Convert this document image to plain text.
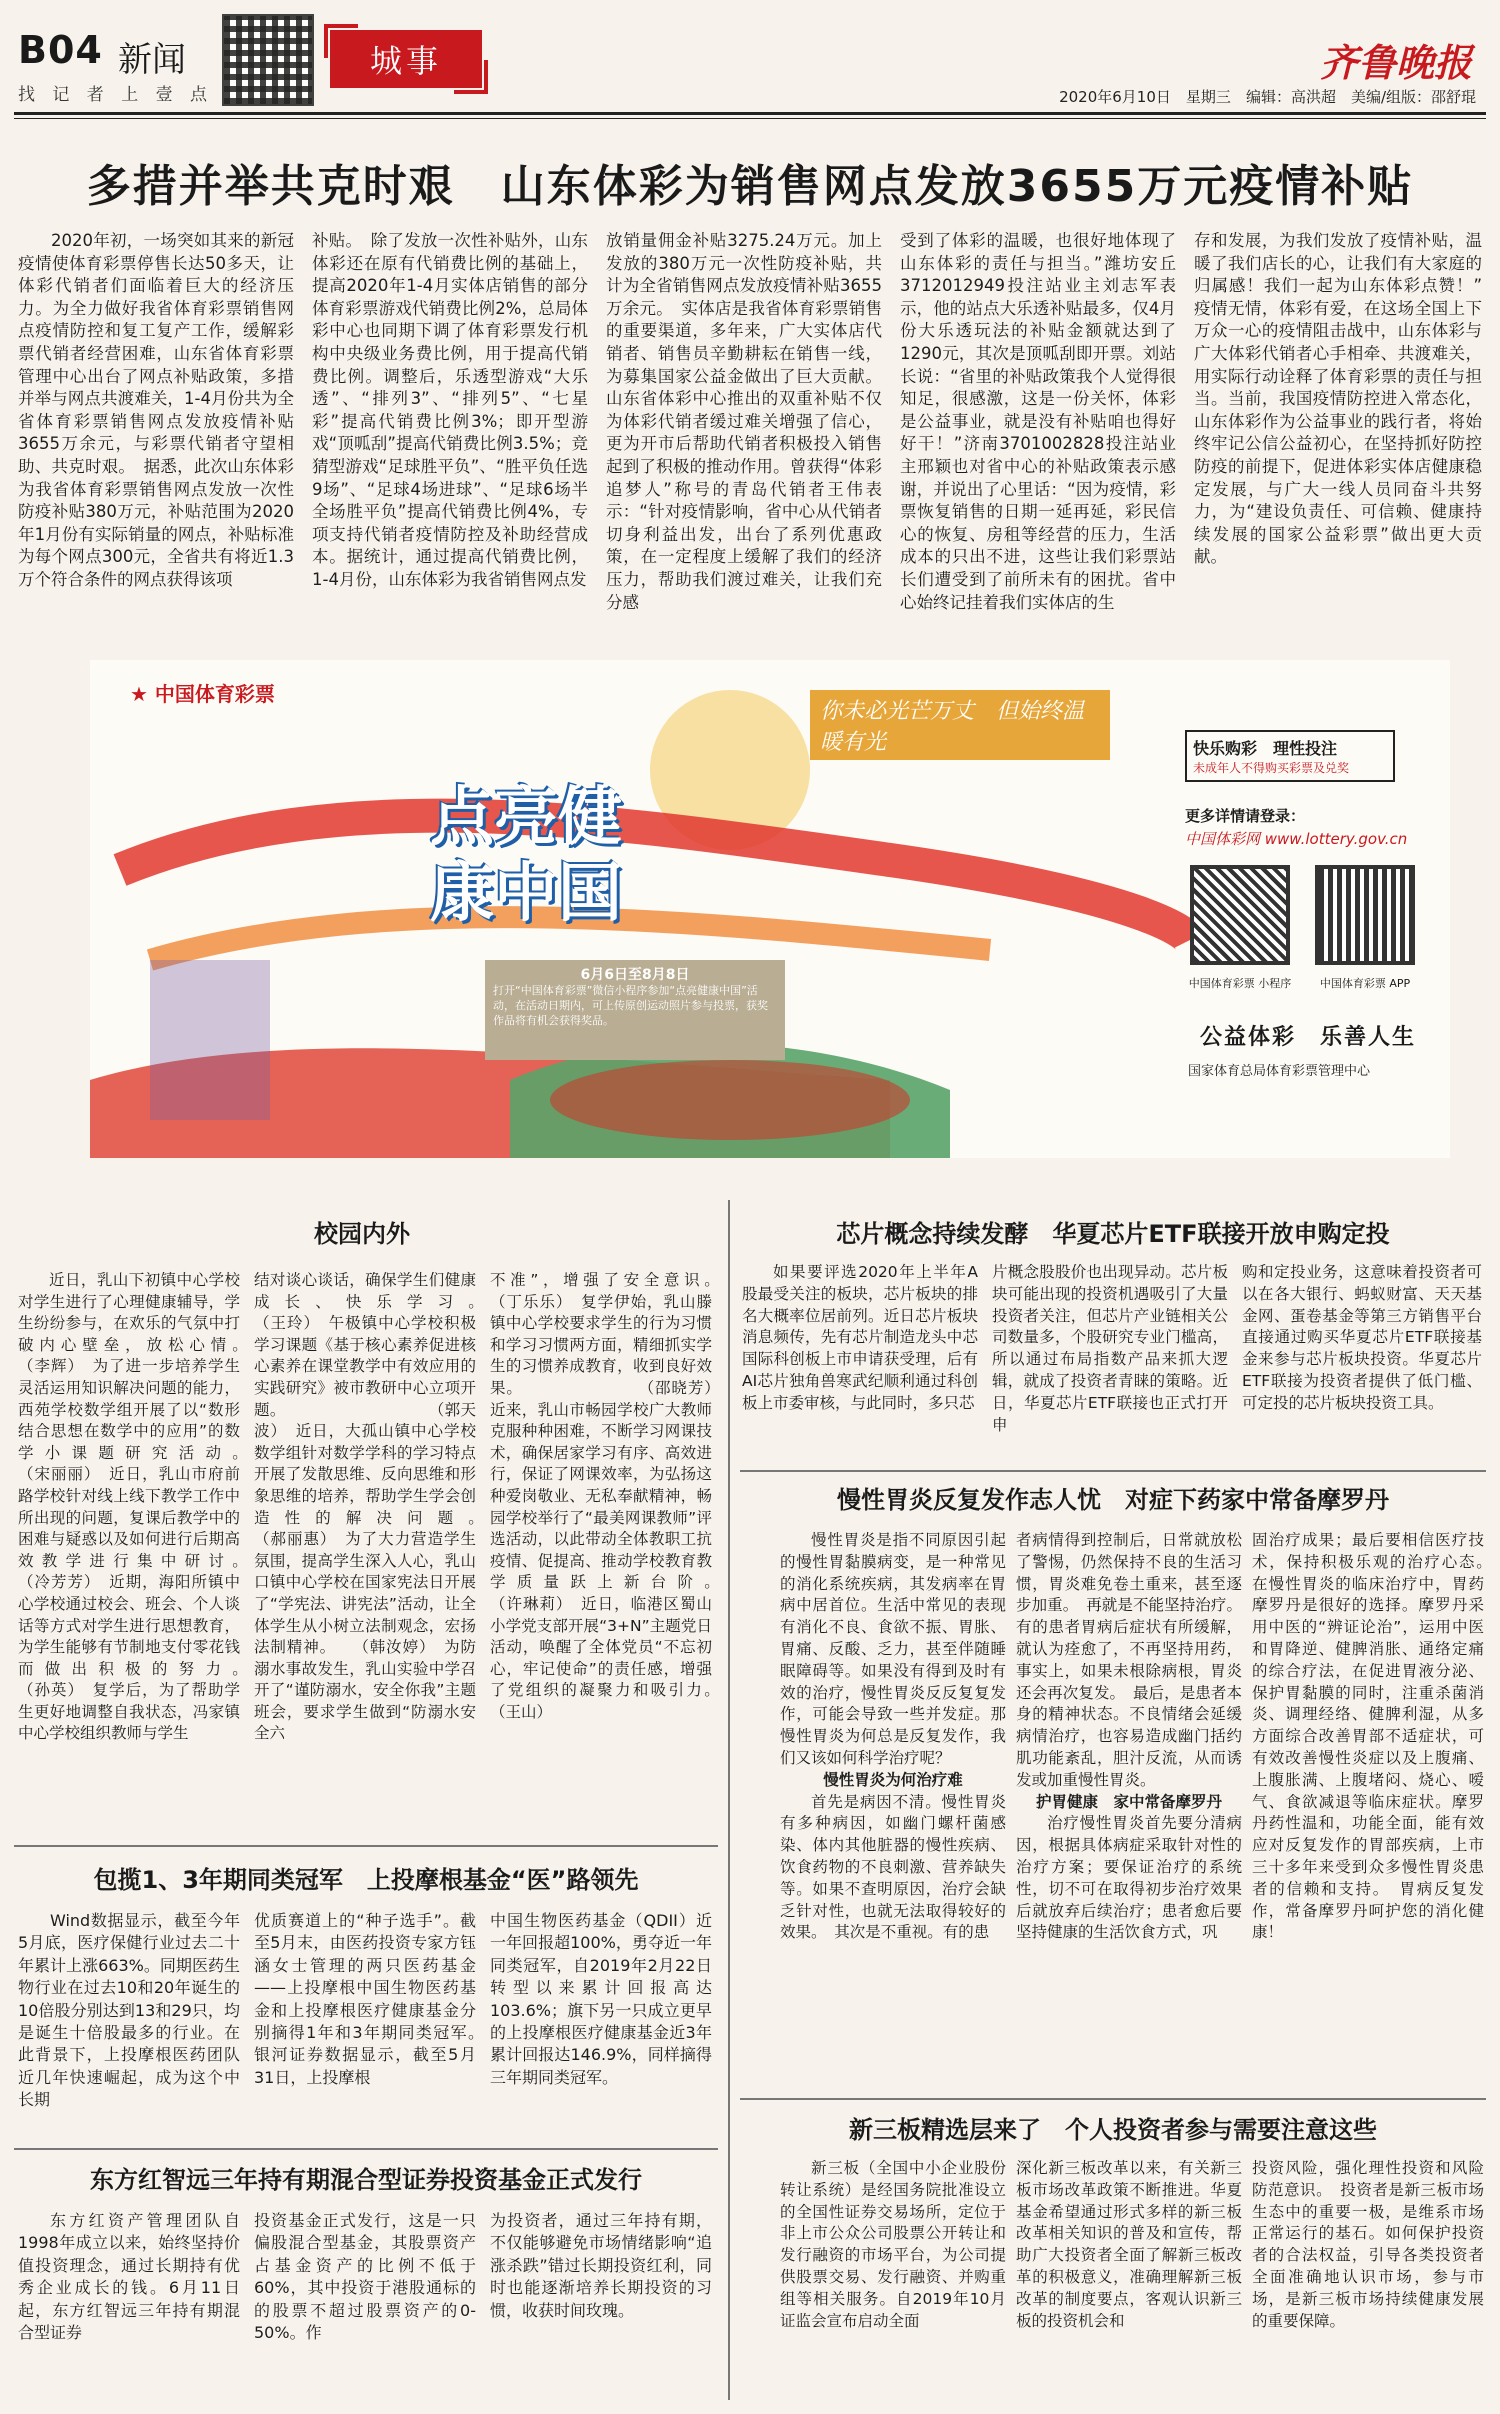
B04 新闻
找 记 者 上 壹 点
城事	齐鲁晚报
2020年6月10日　 星期三　 编辑：高洪超　美编/组版：邵舒琨
多措并举共克时艰　山东体彩为销售网点发放3655万元疫情补贴

2020年初，一场突如其来的新冠疫情使体育彩票停售长达50多天，让体彩代销者们面临着巨大的经济压力。为全力做好我省体育彩票销售网点疫情防控和复工复产工作，缓解彩票代销者经营困难，山东省体育彩票管理中心出台了网点补贴政策，多措并举与网点共渡难关，1-4月份共为全省体育彩票销售网点发放疫情补贴3655万余元，与彩票代销者守望相助、共克时艰。　据悉，此次山东体彩为我省体育彩票销售网点发放一次性防疫补贴380万元，补贴范围为2020年1月份有实际销量的网点，补贴标准为每个网点300元，全省共有将近1.3万个符合条件的网点获得该项

补贴。　除了发放一次性补贴外，山东体彩还在原有代销费比例的基础上，提高2020年1-4月实体店销售的部分体育彩票游戏代销费比例2%，总局体彩中心也同期下调了体育彩票发行机构中央级业务费比例，用于提高代销费比例。调整后，乐透型游戏“大乐透”、“排列3”、“排列5”、“七星彩”提高代销费比例3%；即开型游戏“顶呱刮”提高代销费比例3.5%；竞猜型游戏“足球胜平负”、“胜平负任选9场”、“足球4场进球”、“足球6场半全场胜平负”提高代销费比例4%，专项支持代销者疫情防控及补助经营成本。据统计，通过提高代销费比例，1-4月份，山东体彩为我省销售网点发

放销量佣金补贴3275.24万元。加上发放的380万元一次性防疫补贴，共计为全省销售网点发放疫情补贴3655万余元。　实体店是我省体育彩票销售的重要渠道，多年来，广大实体店代销者、销售员辛勤耕耘在销售一线，为募集国家公益金做出了巨大贡献。山东省体彩中心推出的双重补贴不仅为体彩代销者缓过难关增强了信心，更为开市后帮助代销者积极投入销售起到了积极的推动作用。曾获得“体彩追梦人”称号的青岛代销者王伟表示：“针对疫情影响，省中心从代销者切身利益出发，出台了系列优惠政策，在一定程度上缓解了我们的经济压力，帮助我们渡过难关，让我们充分感

受到了体彩的温暖，也很好地体现了山东体彩的责任与担当。”潍坊安丘3712012949投注站业主刘志军表示，他的站点大乐透补贴最多，仅4月份大乐透玩法的补贴金额就达到了1290元，其次是顶呱刮即开票。刘站长说：“省里的补贴政策我个人觉得很知足，很感激，这是一份关怀，体彩是公益事业，就是没有补贴咱也得好好干！”济南3701002828投注站业主邢颖也对省中心的补贴政策表示感谢，并说出了心里话：“因为疫情，彩票恢复销售的日期一延再延，彩民信心的恢复、房租等经营的压力，生活成本的只出不进，这些让我们彩票站长们遭受到了前所未有的困扰。省中心始终记挂着我们实体店的生

存和发展，为我们发放了疫情补贴，温暖了我们店长的心，让我们有大家庭的归属感！我们一起为山东体彩点赞！”　疫情无情，体彩有爱，在这场全国上下万众一心的疫情阻击战中，山东体彩与广大体彩代销者心手相牵、共渡难关，用实际行动诠释了体育彩票的责任与担当。当前，我国疫情防控进入常态化，山东体彩作为公益事业的践行者，将始终牢记公信公益初心，在坚持抓好防控防疫的前提下，促进体彩实体店健康稳定发展，与广大一线人员同奋斗共努力，为“建设负责任、可信赖、健康持续发展的国家公益彩票”做出更大贡献。

★ 中国体育彩票
你未必光芒万丈　但始终温暖有光
点亮健康中国
6月6日至8月8日
打开“中国体育彩票”微信小程序参加“点亮健康中国”活动，在活动日期内，可上传原创运动照片参与投票，获奖作品将有机会获得奖品。
快乐购彩　理性投注
未成年人不得购买彩票及兑奖
更多详情请登录：
中国体彩网 www.lottery.gov.cn
中国体育彩票 小程序	中国体育彩票 APP
公益体彩　乐善人生
国家体育总局体育彩票管理中心
校园内外

近日，乳山下初镇中心学校对学生进行了心理健康辅导，学生纷纷参与，在欢乐的气氛中打破内心壁垒，放松心情。　　　　　　　　　　（李辉）　为了进一步培养学生灵活运用知识解决问题的能力，西苑学校数学组开展了以“数形结合思想在数学中的应用”的数学小课题研究活动。　　　　　　　　　（宋丽丽）　近日，乳山市府前路学校针对线上线下教学工作中所出现的问题，复课后教学中的困难与疑惑以及如何进行后期高效教学进行集中研讨。　　　　　　　　　（冷芳芳）　近期，海阳所镇中心学校通过校会、班会、个人谈话等方式对学生进行思想教育，为学生能够有节制地支付零花钱而做出积极的努力。　　　　　　　　　（孙英）　复学后，为了帮助学生更好地调整自我状态，冯家镇中心学校组织教师与学生

结对谈心谈话，确保学生们健康成长、快乐学习。　　　　　　　　　（王玲）　午极镇中心学校积极学习课题《基于核心素养促进核心素养在课堂教学中有效应用的实践研究》被市教研中心立项开题。　　　　　　　　　　（郭天波）　近日，大孤山镇中心学校数学组针对数学学科的学习特点开展了发散思维、反向思维和形象思维的培养，帮助学生学会创造性的解决问题。　　　　　　　　　　（郝丽惠）　为了大力营造学生氛围，提高学生深入人心，乳山口镇中心学校在国家宪法日开展了“学宪法、讲宪法”活动，让全体学生从小树立法制观念，宏扬法制精神。　　（韩汝婷）　为防溺水事故发生，乳山实验中学召开了“谨防溺水，安全你我”主题班会，要求学生做到“防溺水安全六

不准”，增强了安全意识。　　　　　　　　　　（丁乐乐）　复学伊始，乳山滕镇中心学校要求学生的行为习惯和学习习惯两方面，精细抓实学生的习惯养成教育，收到良好效果。　　　　　　　　（邵晓芳）　近来，乳山市畅园学校广大教师克服种种困难，不断学习网课技术，确保居家学习有序、高效进行，保证了网课效率，为弘扬这种爱岗敬业、无私奉献精神，畅园学校举行了“最美网课教师”评选活动，以此带动全体教职工抗疫情、促提高、推动学校教育教学质量跃上新台阶。　　　　　　　　　　（许琳莉）　近日，临港区蜀山小学党支部开展“3+N”主题党日活动，唤醒了全体党员“不忘初心，牢记使命”的责任感，增强了党组织的凝聚力和吸引力。　　　　　　　　　　　（王山）

包揽1、3年期同类冠军　上投摩根基金“医”路领先

Wind数据显示，截至今年5月底，医疗保健行业过去二十年累计上涨663%。同期医药生物行业在过去10和20年诞生的10倍股分别达到13和29只，均是诞生十倍股最多的行业。在此背景下，上投摩根医药团队近几年快速崛起，成为这个中长期

优质赛道上的“种子选手”。截至5月末，由医药投资专家方钰涵女士管理的两只医药基金——上投摩根中国生物医药基金和上投摩根医疗健康基金分别摘得1年和3年期同类冠军。　银河证券数据显示，截至5月31日，上投摩根

中国生物医药基金（QDII）近一年回报超100%，勇夺近一年同类冠军，自2019年2月22日转型以来累计回报高达103.6%；旗下另一只成立更早的上投摩根医疗健康基金近3年累计回报达146.9%，同样摘得三年期同类冠军。

东方红智远三年持有期混合型证券投资基金正式发行

东方红资产管理团队自1998年成立以来，始终坚持价值投资理念，通过长期持有优秀企业成长的钱。6月11日起，东方红智远三年持有期混合型证券

投资基金正式发行，这是一只偏股混合型基金，其股票资产占基金资产的比例不低于60%，其中投资于港股通标的的股票不超过股票资产的0-50%。作

为投资者，通过三年持有期，不仅能够避免市场情绪影响“追涨杀跌”错过长期投资红利，同时也能逐渐培养长期投资的习惯，收获时间玫瑰。

芯片概念持续发酵　华夏芯片ETF联接开放申购定投

如果要评选2020年上半年A股最受关注的板块，芯片板块的排名大概率位居前列。近日芯片板块消息频传，先有芯片制造龙头中芯国际科创板上市申请获受理，后有AI芯片独角兽寒武纪顺利通过科创板上市委审核，与此同时，多只芯

片概念股股价也出现异动。芯片板块可能出现的投资机遇吸引了大量投资者关注，但芯片产业链相关公司数量多，个股研究专业门槛高，所以通过布局指数产品来抓大逻辑，就成了投资者青睐的策略。近日，华夏芯片ETF联接也正式打开申

购和定投业务，这意味着投资者可以在各大银行、蚂蚁财富、天天基金网、蛋卷基金等第三方销售平台直接通过购买华夏芯片ETF联接基金来参与芯片板块投资。华夏芯片ETF联接为投资者提供了低门槛、可定投的芯片板块投资工具。

慢性胃炎反复发作志人忧　对症下药家中常备摩罗丹

慢性胃炎是指不同原因引起的慢性胃黏膜病变，是一种常见的消化系统疾病，其发病率在胃病中居首位。生活中常见的表现有消化不良、食欲不振、胃胀、胃痛、反酸、乏力，甚至伴随睡眠障碍等。如果没有得到及时有效的治疗，慢性胃炎反反复复发作，可能会导致一些并发症。那慢性胃炎为何总是反复发作，我们又该如何科学治疗呢？

慢性胃炎为何治疗难

首先是病因不清。慢性胃炎有多种病因，如幽门螺杆菌感染、体内其他脏器的慢性疾病、饮食药物的不良刺激、营养缺失等。如果不查明原因，治疗会缺乏针对性，也就无法取得较好的效果。　其次是不重视。有的患

者病情得到控制后，日常就放松了警惕，仍然保持不良的生活习惯，胃炎难免卷土重来，甚至逐步加重。　再就是不能坚持治疗。有的患者胃病后症状有所缓解，就认为痊愈了，不再坚持用药，事实上，如果未根除病根，胃炎还会再次复发。　最后，是患者本身的精神状态。不良情绪会延缓病情治疗，也容易造成幽门括约肌功能紊乱，胆汁反流，从而诱发或加重慢性胃炎。

护胃健康　家中常备摩罗丹

治疗慢性胃炎首先要分清病因，根据具体病症采取针对性的治疗方案；要保证治疗的系统性，切不可在取得初步治疗效果后就放弃后续治疗；患者愈后要坚持健康的生活饮食方式，巩

固治疗成果；最后要相信医疗技术，保持积极乐观的治疗心态。　在慢性胃炎的临床治疗中，胃药摩罗丹是很好的选择。摩罗丹采用中医的“辨证论治”，运用中医和胃降逆、健脾消胀、通络定痛的综合疗法，在促进胃液分泌、保护胃黏膜的同时，注重杀菌消炎、调理经络、健脾利湿，从多方面综合改善胃部不适症状，可有效改善慢性炎症以及上腹痛、上腹胀满、上腹堵闷、烧心、嗳气、食欲减退等临床症状。摩罗丹药性温和，功能全面，能有效应对反复发作的胃部疾病，上市三十多年来受到众多慢性胃炎患者的信赖和支持。　胃病反复发作，常备摩罗丹呵护您的消化健康！

新三板精选层来了　个人投资者参与需要注意这些

新三板（全国中小企业股份转让系统）是经国务院批准设立的全国性证券交易场所，定位于非上市公众公司股票公开转让和发行融资的市场平台，为公司提供股票交易、发行融资、并购重组等相关服务。自2019年10月证监会宣布启动全面

深化新三板改革以来，有关新三板市场改革政策不断推进。华夏基金希望通过形式多样的新三板改革相关知识的普及和宣传，帮助广大投资者全面了解新三板改革的积极意义，准确理解新三板改革的制度要点，客观认识新三板的投资机会和

投资风险，强化理性投资和风险防范意识。　投资者是新三板市场生态中的重要一极，是维系市场正常运行的基石。如何保护投资者的合法权益，引导各类投资者全面准确地认识市场，参与市场，是新三板市场持续健康发展的重要保障。
